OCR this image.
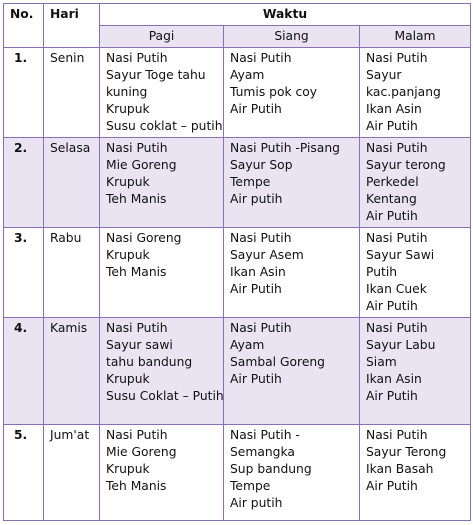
No.	Hari	Waktu		
		Pagi	Siang	Malam
1.	Senin	Nasi Putih
Sayur Toge tahu
kuning
Krupuk
Susu coklat – putih	Nasi Putih
Ayam
Tumis pok coy
Air Putih	Nasi Putih
Sayur
kac.panjang
Ikan Asin
Air Putih

2.	Selasa	Nasi Putih
Mie Goreng
Krupuk
Teh Manis	Nasi Putih -Pisang
Sayur Sop
Tempe
Air putih	Nasi Putih
Sayur terong
Perkedel
Kentang
Air Putih

3.	Rabu	Nasi Goreng
Krupuk
Teh Manis	Nasi Putih
Sayur Asem
Ikan Asin
Air Putih	Nasi Putih
Sayur Sawi
Putih
Ikan Cuek
Air Putih

4.	Kamis	Nasi Putih
Sayur sawi
tahu bandung
Krupuk
Susu Coklat – Putih	Nasi Putih
Ayam
Sambal Goreng
Air Putih	Nasi Putih
Sayur Labu
Siam
Ikan Asin
Air Putih

5.	Jum'at	Nasi Putih
Mie Goreng
Krupuk
Teh Manis	Nasi Putih -
Semangka
Sup bandung
Tempe
Air putih	Nasi Putih
Sayur Terong
Ikan Basah
Air Putih
